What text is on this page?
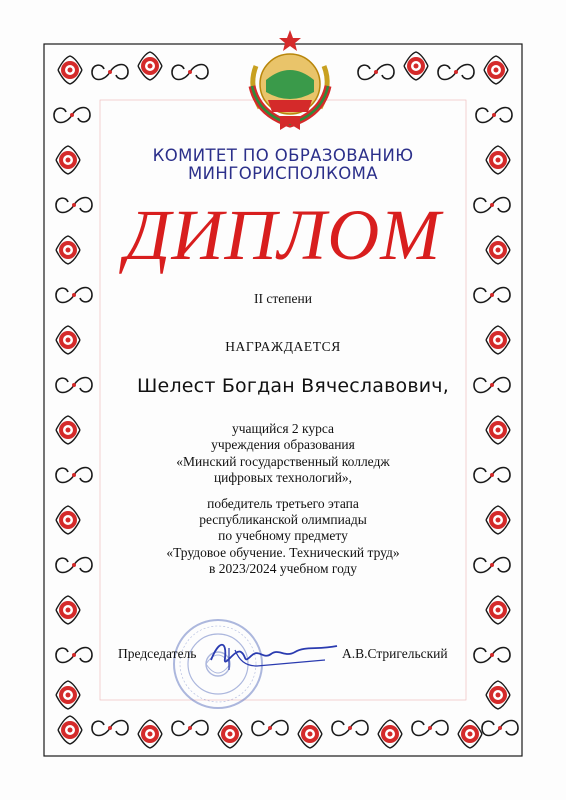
КОМИТЕТ ПО ОБРАЗОВАНИЮ
МИНГОРИСПОЛКОМА
ДИПЛОМ
II степени
НАГРАЖДАЕТСЯ
Шелест Богдан Вячеславович,
учащийся 2 курса
учреждения образования
«Минский государственный колледж
цифровых технологий»,
победитель третьего этапа
республиканской олимпиады
по учебному предмету
«Трудовое обучение. Технический труд»
в 2023/2024 учебном году
Председатель	А.В.Стригельский
